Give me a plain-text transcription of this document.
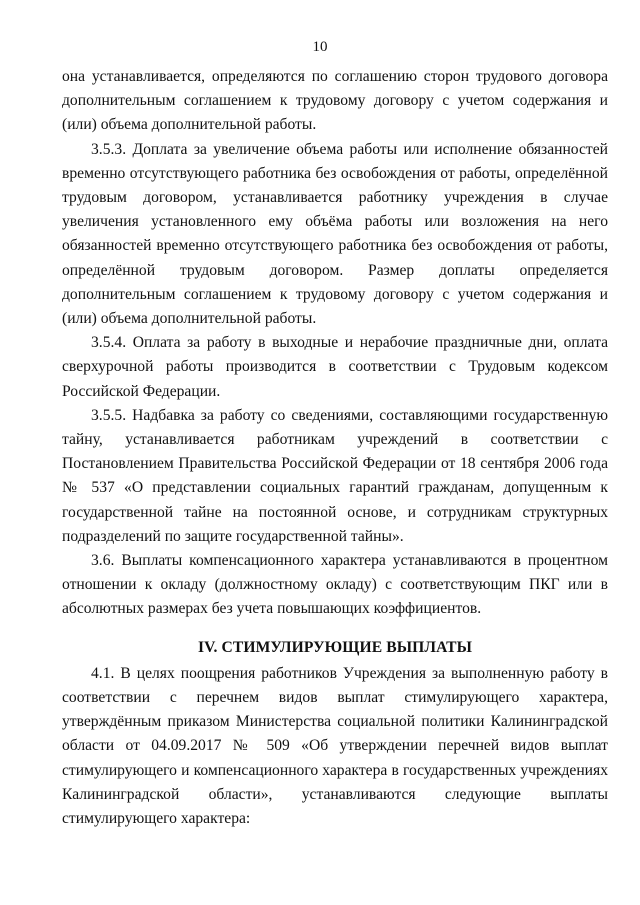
10

она устанавливается, определяются по соглашению сторон трудового договора дополнительным соглашением к трудовому договору с учетом содержания и (или) объема дополнительной работы.

3.5.3. Доплата за увеличение объема работы или исполнение обязанностей временно отсутствующего работника без освобождения от работы, определённой трудовым договором, устанавливается работнику учреждения в случае увеличения установленного ему объёма работы или возложения на него обязанностей временно отсутствующего работника без освобождения от работы, определённой трудовым договором. Размер доплаты определяется дополнительным соглашением к трудовому договору с учетом содержания и (или) объема дополнительной работы.

3.5.4. Оплата за работу в выходные и нерабочие праздничные дни, оплата сверхурочной работы производится в соответствии с Трудовым кодексом Российской Федерации.

3.5.5. Надбавка за работу со сведениями, составляющими государственную тайну, устанавливается работникам учреждений в соответствии с Постановлением Правительства Российской Федерации от 18 сентября 2006 года № 537 «О представлении социальных гарантий гражданам, допущенным к государственной тайне на постоянной основе, и сотрудникам структурных подразделений по защите государственной тайны».

3.6. Выплаты компенсационного характера устанавливаются в процентном отношении к окладу (должностному окладу) с соответствующим ПКГ или в абсолютных размерах без учета повышающих коэффициентов.

IV. СТИМУЛИРУЮЩИЕ ВЫПЛАТЫ

4.1. В целях поощрения работников Учреждения за выполненную работу в соответствии с перечнем видов выплат стимулирующего характера, утверждённым приказом Министерства социальной политики Калининградской области от 04.09.2017 № 509 «Об утверждении перечней видов выплат стимулирующего и компенсационного характера в государственных учреждениях Калининградской области», устанавливаются следующие выплаты стимулирующего характера:
